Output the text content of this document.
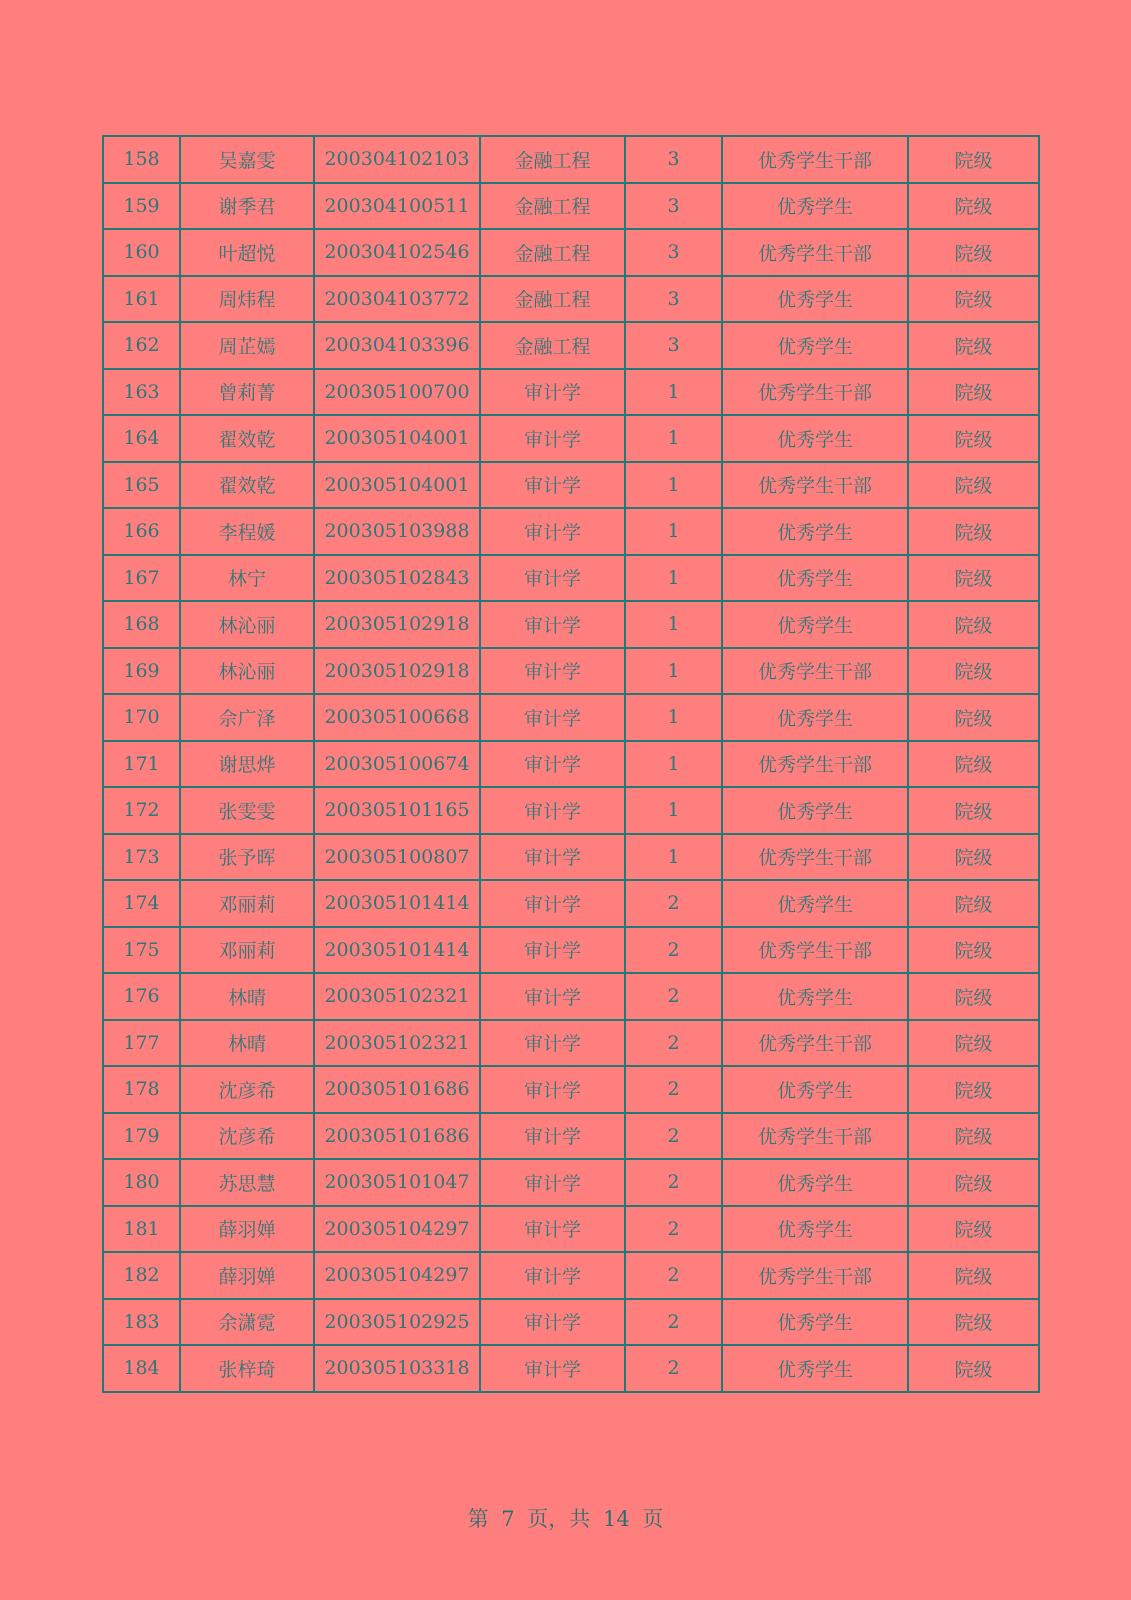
158	吴嘉雯	200304102103	金融工程	3	优秀学生干部	院级
159	谢季君	200304100511	金融工程	3	优秀学生	院级
160	叶超悦	200304102546	金融工程	3	优秀学生干部	院级
161	周炜程	200304103772	金融工程	3	优秀学生	院级
162	周芷嫣	200304103396	金融工程	3	优秀学生	院级
163	曾莉菁	200305100700	审计学	1	优秀学生干部	院级
164	翟效乾	200305104001	审计学	1	优秀学生	院级
165	翟效乾	200305104001	审计学	1	优秀学生干部	院级
166	李程媛	200305103988	审计学	1	优秀学生	院级
167	林宁	200305102843	审计学	1	优秀学生	院级
168	林沁丽	200305102918	审计学	1	优秀学生	院级
169	林沁丽	200305102918	审计学	1	优秀学生干部	院级
170	佘广泽	200305100668	审计学	1	优秀学生	院级
171	谢思烨	200305100674	审计学	1	优秀学生干部	院级
172	张雯雯	200305101165	审计学	1	优秀学生	院级
173	张予晖	200305100807	审计学	1	优秀学生干部	院级
174	邓丽莉	200305101414	审计学	2	优秀学生	院级
175	邓丽莉	200305101414	审计学	2	优秀学生干部	院级
176	林晴	200305102321	审计学	2	优秀学生	院级
177	林晴	200305102321	审计学	2	优秀学生干部	院级
178	沈彦希	200305101686	审计学	2	优秀学生	院级
179	沈彦希	200305101686	审计学	2	优秀学生干部	院级
180	苏思慧	200305101047	审计学	2	优秀学生	院级
181	薛羽婵	200305104297	审计学	2	优秀学生	院级
182	薛羽婵	200305104297	审计学	2	优秀学生干部	院级
183	余潇霓	200305102925	审计学	2	优秀学生	院级
184	张梓琦	200305103318	审计学	2	优秀学生	院级
第 7 页，共 14 页
